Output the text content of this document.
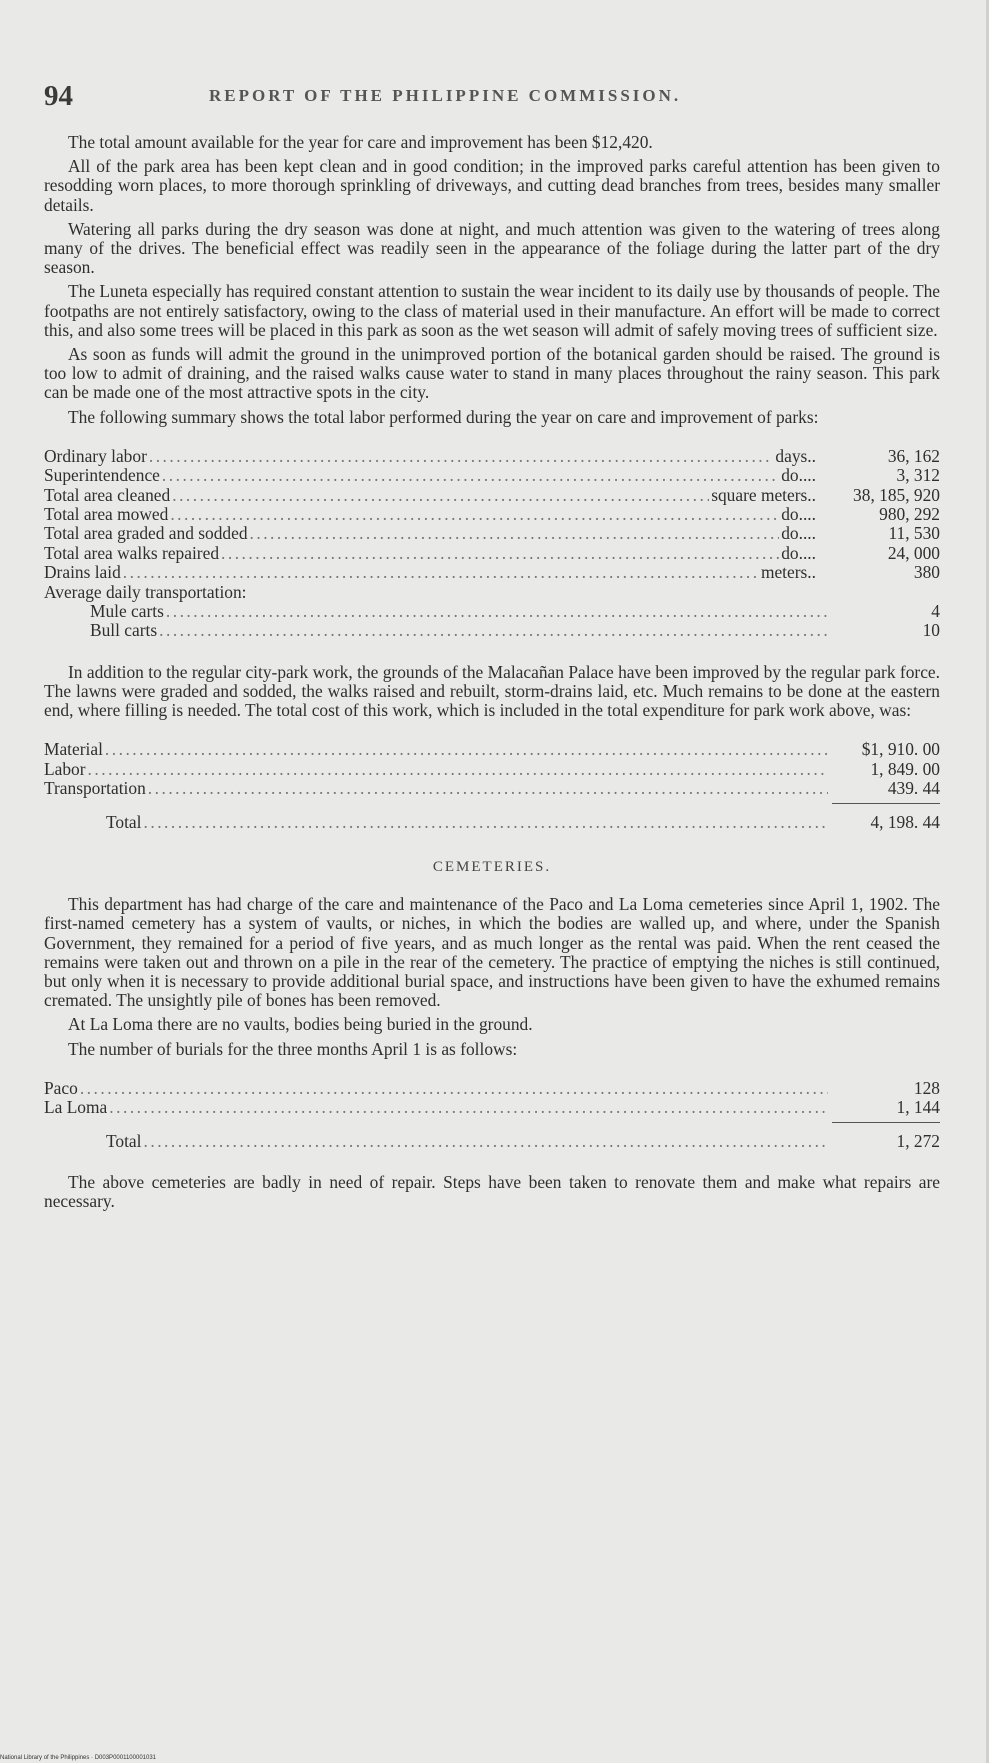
94	REPORT OF THE PHILIPPINE COMMISSION.

The total amount available for the year for care and improvement has been $12,420.

All of the park area has been kept clean and in good condition; in the improved parks careful attention has been given to resodding worn places, to more thorough sprinkling of driveways, and cutting dead branches from trees, besides many smaller details.

Watering all parks during the dry season was done at night, and much attention was given to the watering of trees along many of the drives. The beneficial effect was readily seen in the appearance of the foliage during the latter part of the dry season.

The Luneta especially has required constant attention to sustain the wear incident to its daily use by thousands of people. The footpaths are not entirely satisfactory, owing to the class of material used in their manufacture. An effort will be made to correct this, and also some trees will be placed in this park as soon as the wet season will admit of safely moving trees of sufficient size.

As soon as funds will admit the ground in the unimproved portion of the botanical garden should be raised. The ground is too low to admit of draining, and the raised walks cause water to stand in many places throughout the rainy season. This park can be made one of the most attractive spots in the city.

The following summary shows the total labor performed during the year on care and improvement of parks:

Ordinary labor .....	days..	36, 162
Superintendence .....	do....	3, 312
Total area cleaned .....	square meters..	38, 185, 920
Total area mowed .....	do....	980, 292
Total area graded and sodded .....	do....	11, 530
Total area walks repaired .....	do....	24, 000
Drains laid .....	meters..	380
Average daily transportation:
Mule carts .....	4
Bull carts .....	10

In addition to the regular city-park work, the grounds of the Malacañan Palace have been improved by the regular park force. The lawns were graded and sodded, the walks raised and rebuilt, storm-drains laid, etc. Much remains to be done at the eastern end, where filling is needed. The total cost of this work, which is included in the total expenditure for park work above, was:

Material .....	$1, 910. 00
Labor .....	1, 849. 00
Transportation .....	439. 44
Total .....	4, 198. 44
CEMETERIES.

This department has had charge of the care and maintenance of the Paco and La Loma cemeteries since April 1, 1902. The first-named cemetery has a system of vaults, or niches, in which the bodies are walled up, and where, under the Spanish Government, they remained for a period of five years, and as much longer as the rental was paid. When the rent ceased the remains were taken out and thrown on a pile in the rear of the cemetery. The practice of emptying the niches is still continued, but only when it is necessary to provide additional burial space, and instructions have been given to have the exhumed remains cremated. The unsightly pile of bones has been removed.

At La Loma there are no vaults, bodies being buried in the ground.

The number of burials for the three months April 1 is as follows:

Paco .....	128
La Loma .....	1, 144
Total .....	1, 272

The above cemeteries are badly in need of repair. Steps have been taken to renovate them and make what repairs are necessary.

National Library of the Philippines · D003P0001100001031
